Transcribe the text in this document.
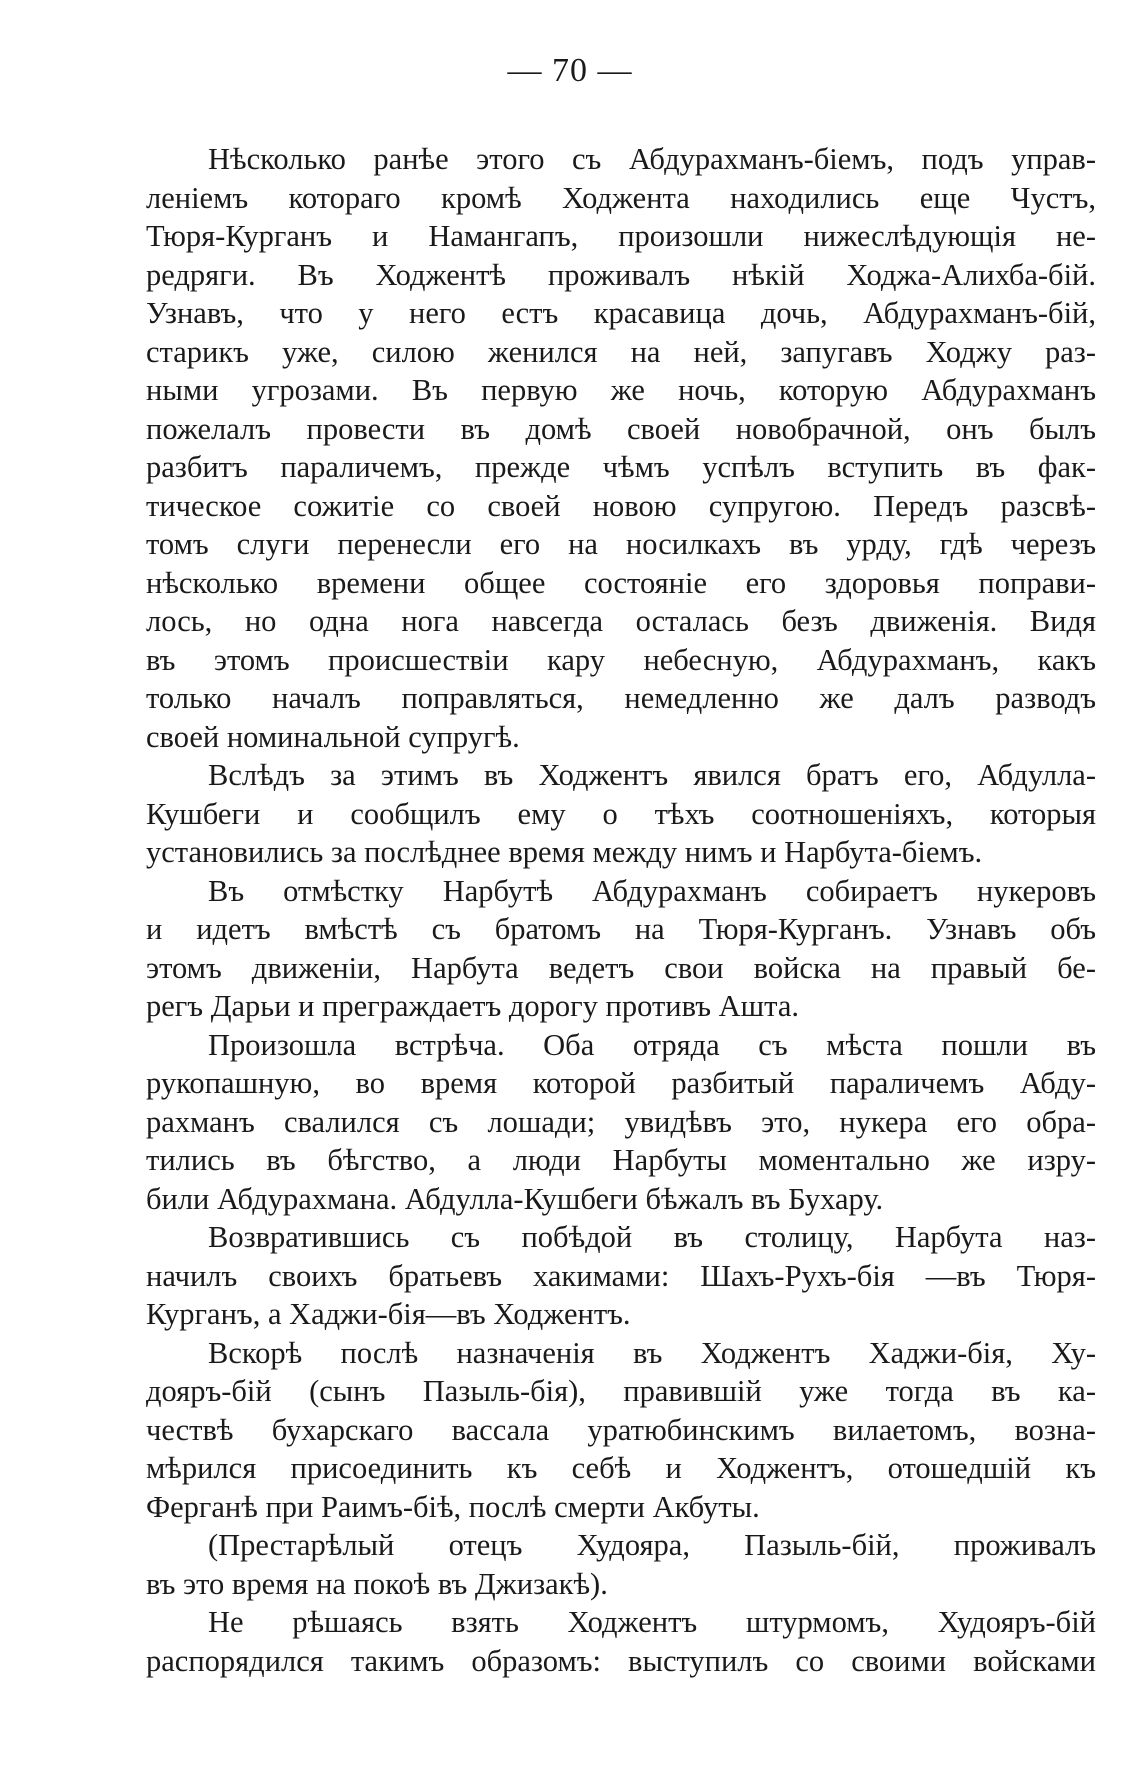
— 70 —
Нѣсколько ранѣе этого съ Абдурахманъ-біемъ, подъ управ-
леніемъ котораго кромѣ Ходжента находились еще Чустъ,
Тюря-Курганъ и Намангапъ, произошли нижеслѣдующія не-
редряги. Въ Ходжентѣ проживалъ нѣкій Ходжа-Алихба-бій.
Узнавъ, что у него естъ красавица дочь, Абдурахманъ-бій,
старикъ уже, силою женился на ней, запугавъ Ходжу раз-
ными угрозами. Въ первую же ночь, которую Абдурахманъ
пожелалъ провести въ домѣ своей новобрачной, онъ былъ
разбитъ параличемъ, прежде чѣмъ успѣлъ вступить въ фак-
тическое сожитіе со своей новою супругою. Передъ разсвѣ-
томъ слуги перенесли его на носилкахъ въ урду, гдѣ черезъ
нѣсколько времени общее состояніе его здоровья поправи-
лось, но одна нога навсегда осталась безъ движенія. Видя
въ этомъ происшествіи кару небесную, Абдурахманъ, какъ
только началъ поправляться, немедленно же далъ разводъ
своей номинальной супругѣ.
Вслѣдъ за этимъ въ Ходжентъ явился братъ его, Абдулла-
Кушбеги и сообщилъ ему о тѣхъ соотношеніяхъ, которыя
установились за послѣднее время между нимъ и Нарбута-біемъ.
Въ отмѣстку Нарбутѣ Абдурахманъ собираетъ нукеровъ
и идетъ вмѣстѣ съ братомъ на Тюря-Курганъ. Узнавъ объ
этомъ движеніи, Нарбута ведетъ свои войска на правый бе-
регъ Дарьи и преграждаетъ дорогу противъ Ашта.
Произошла встрѣча. Оба отряда съ мѣста пошли въ
рукопашную, во время которой разбитый параличемъ Абду-
рахманъ свалился съ лошади; увидѣвъ это, нукера его обра-
тились въ бѣгство, а люди Нарбуты моментально же изру-
били Абдурахмана. Абдулла-Кушбеги бѣжалъ въ Бухару.
Возвратившись съ побѣдой въ столицу, Нарбута наз-
начилъ своихъ братьевъ хакимами: Шахъ-Рухъ-бія —въ Тюря-
Курганъ, а Хаджи-бія—въ Ходжентъ.
Вскорѣ послѣ назначенія въ Ходжентъ Хаджи-бія, Ху-
дояръ-бій (сынъ Пазыль-бія), правившій уже тогда въ ка-
чествѣ бухарскаго вассала уратюбинскимъ вилаетомъ, возна-
мѣрился присоединить къ себѣ и Ходжентъ, отошедшій къ
Ферганѣ при Раимъ-біѣ, послѣ смерти Акбуты.
(Престарѣлый отецъ Худояра, Пазыль-бій, проживалъ
въ это время на покоѣ въ Джизакѣ).
Не рѣшаясь взять Ходжентъ штурмомъ, Худояръ-бій
распорядился такимъ образомъ: выступилъ со своими войсками
